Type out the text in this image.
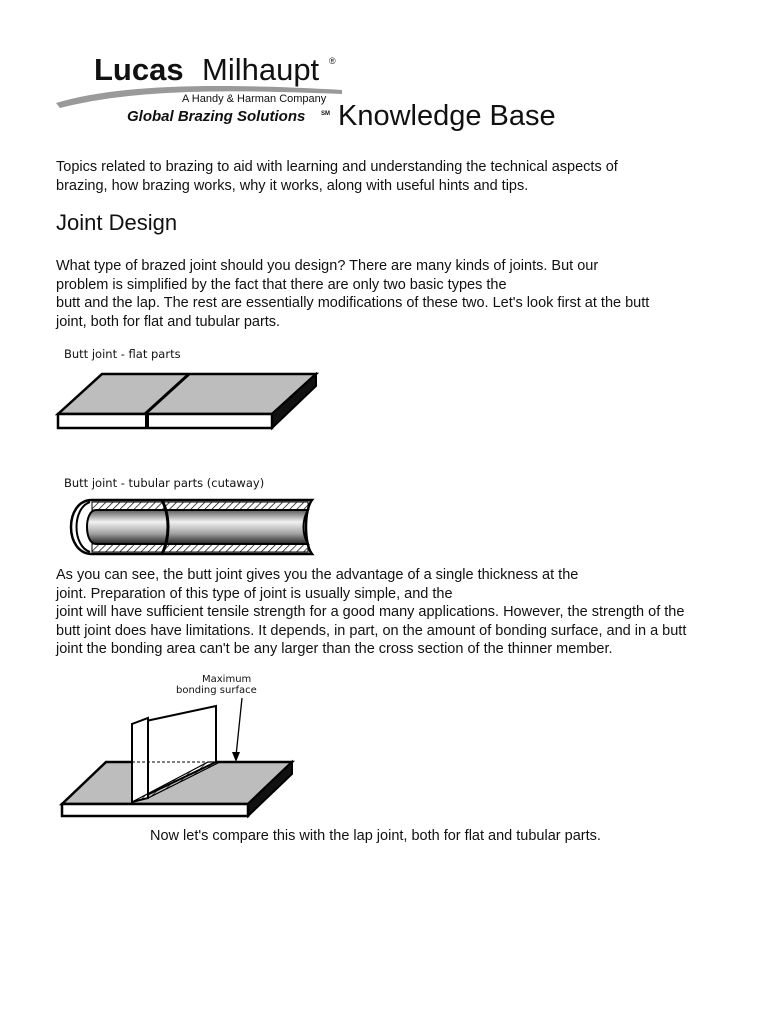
Lucas Milhaupt ®
A Handy & Harman Company
Global Brazing Solutions	SM Knowledge Base
Topics related to brazing to aid with learning and understanding the technical aspects of
brazing, how brazing works, why it works, along with useful hints and tips.
Joint Design
What type of brazed joint should you design? There are many kinds of joints. But our
problem is simplified by the fact that there are only two basic types the
butt and the lap. The rest are essentially modifications of these two. Let's look first at the butt
joint, both for flat and tubular parts.
Butt joint - flat parts
Butt joint - tubular parts (cutaway)
As you can see, the butt joint gives you the advantage of a single thickness at the
joint. Preparation of this type of joint is usually simple, and the
joint will have sufficient tensile strength for a good many applications. However, the strength of the
butt joint does have limitations. It depends, in part, on the amount of bonding surface, and in a butt
joint the bonding area can't be any larger than the cross section of the thinner member.
Maximum
bonding surface
Now let's compare this with the lap joint, both for flat and tubular parts.
